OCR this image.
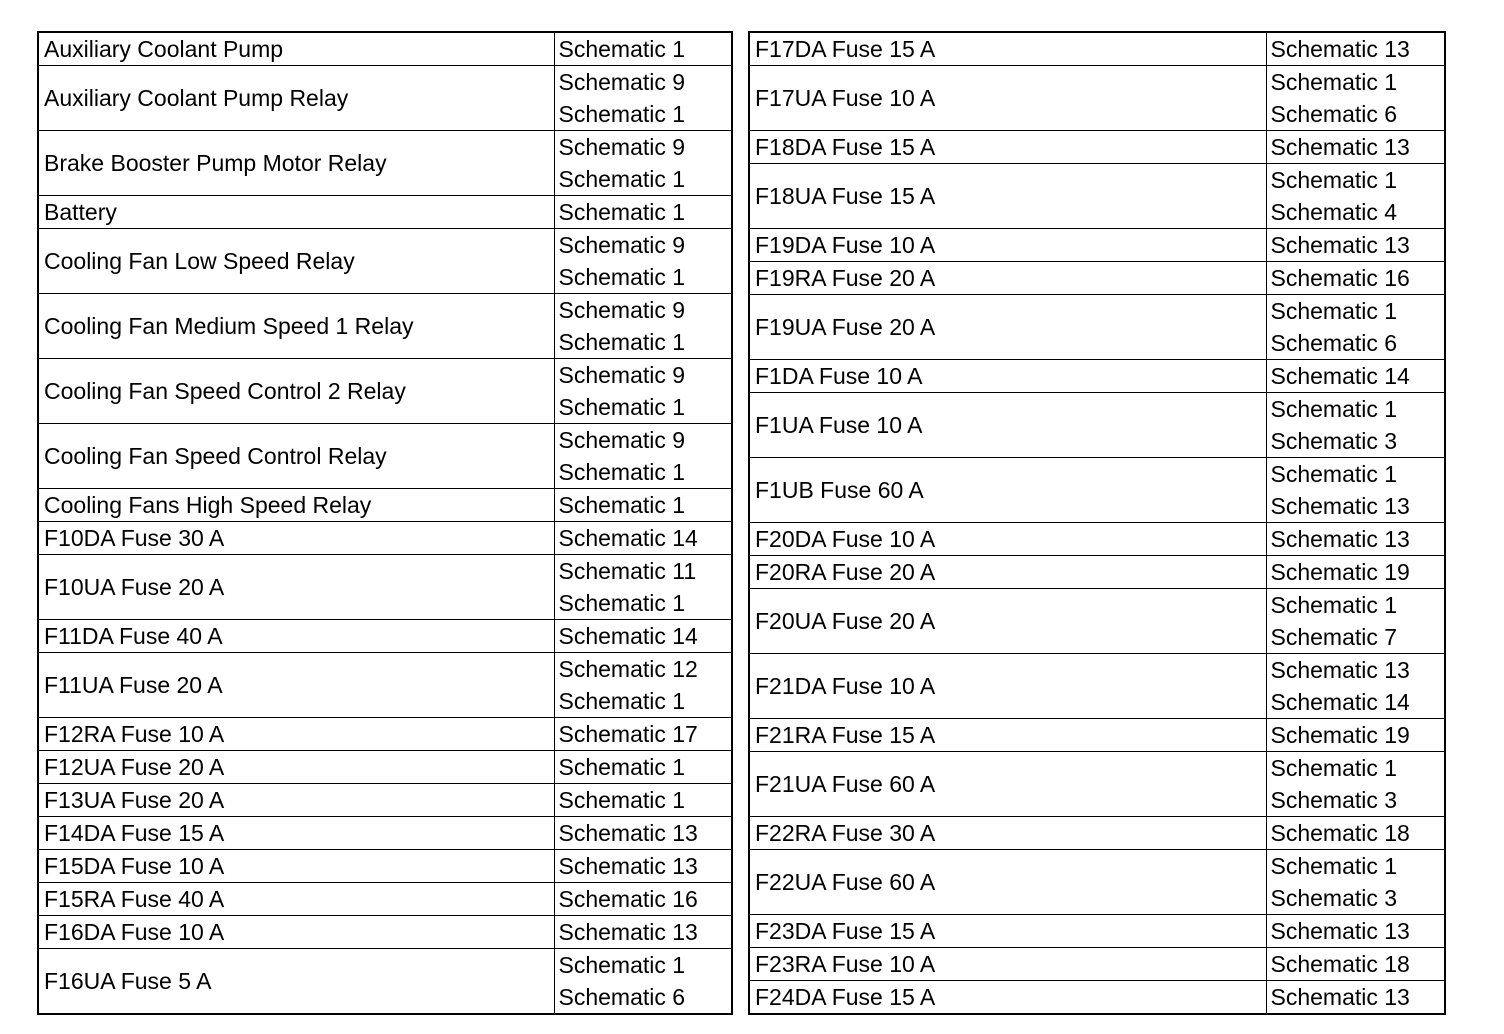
Auxiliary Coolant Pump	Schematic 1

Auxiliary Coolant Pump Relay	Schematic 9
Schematic 1

Brake Booster Pump Motor Relay	Schematic 9
Schematic 1

Battery	Schematic 1

Cooling Fan Low Speed Relay	Schematic 9
Schematic 1

Cooling Fan Medium Speed 1 Relay	Schematic 9
Schematic 1

Cooling Fan Speed Control 2 Relay	Schematic 9
Schematic 1

Cooling Fan Speed Control Relay	Schematic 9
Schematic 1

Cooling Fans High Speed Relay	Schematic 1

F10DA Fuse 30 A	Schematic 14

F10UA Fuse 20 A	Schematic 11
Schematic 1

F11DA Fuse 40 A	Schematic 14

F11UA Fuse 20 A	Schematic 12
Schematic 1

F12RA Fuse 10 A	Schematic 17

F12UA Fuse 20 A	Schematic 1

F13UA Fuse 20 A	Schematic 1

F14DA Fuse 15 A	Schematic 13

F15DA Fuse 10 A	Schematic 13

F15RA Fuse 40 A	Schematic 16

F16DA Fuse 10 A	Schematic 13

F16UA Fuse 5 A	Schematic 1
Schematic 6
F17DA Fuse 15 A	Schematic 13

F17UA Fuse 10 A	Schematic 1
Schematic 6

F18DA Fuse 15 A	Schematic 13

F18UA Fuse 15 A	Schematic 1
Schematic 4

F19DA Fuse 10 A	Schematic 13

F19RA Fuse 20 A	Schematic 16

F19UA Fuse 20 A	Schematic 1
Schematic 6

F1DA Fuse 10 A	Schematic 14

F1UA Fuse 10 A	Schematic 1
Schematic 3

F1UB Fuse 60 A	Schematic 1
Schematic 13

F20DA Fuse 10 A	Schematic 13

F20RA Fuse 20 A	Schematic 19

F20UA Fuse 20 A	Schematic 1
Schematic 7

F21DA Fuse 10 A	Schematic 13
Schematic 14

F21RA Fuse 15 A	Schematic 19

F21UA Fuse 60 A	Schematic 1
Schematic 3

F22RA Fuse 30 A	Schematic 18

F22UA Fuse 60 A	Schematic 1
Schematic 3

F23DA Fuse 15 A	Schematic 13

F23RA Fuse 10 A	Schematic 18

F24DA Fuse 15 A	Schematic 13
